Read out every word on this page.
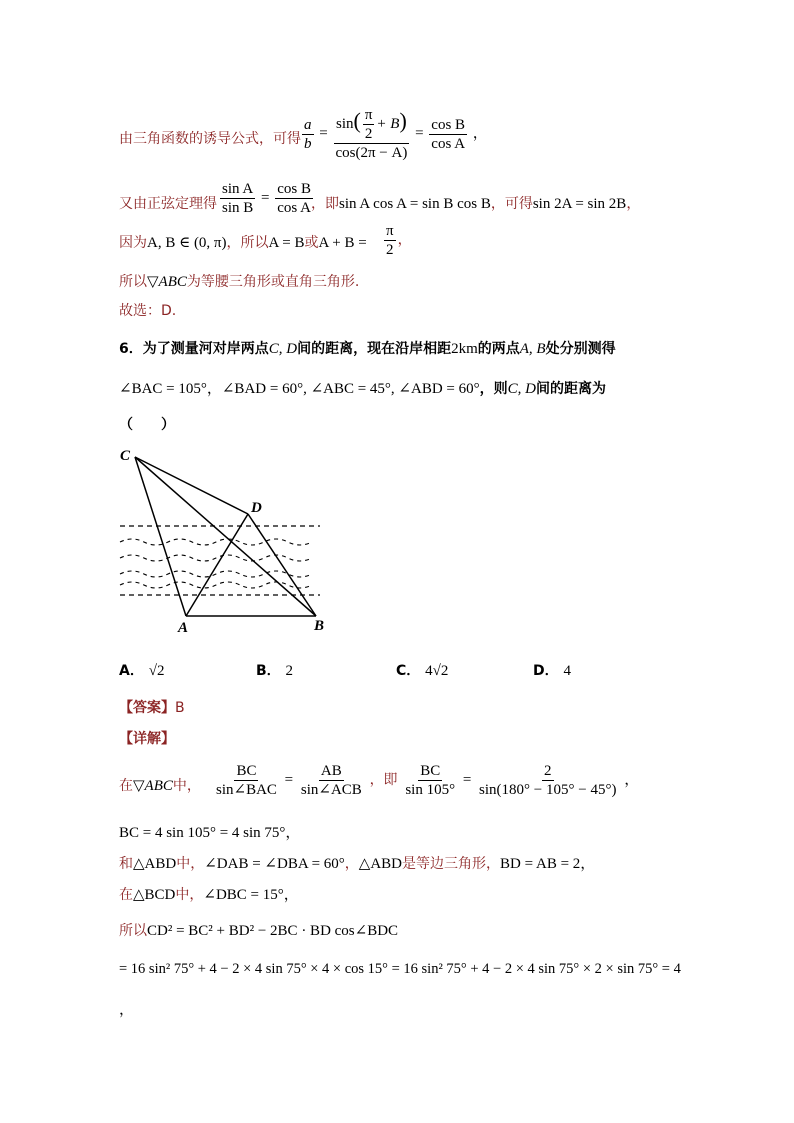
由三角函数的诱导公式，可得 $\frac{a}{b} = \frac{\sin( \frac{\pi}{2} + B)}{\cos(2\pi - A)} = \frac{\text{cos B}}{\text{cos A}}$ ，
又由正弦定理得 $\frac{\text{sin A}}{\text{sin B}} = \frac{\text{cos B}}{\text{cos A}}$
，即sin A cos A = sin B cos B，可得sin 2A = sin 2B，
因为A, B ∈ (0, π)，所以A = B或$A + B = \frac{\pi}{2}$ ，
所以▽ABC为等腰三角形或直角三角形.
故选：D.
6．为了测量河对岸两点C, D间的距离，现在沿岸相距2km的两点A, B处分别测得
∠BAC = 105°，∠BAD = 60°, ∠ABC = 45°, ∠ABD = 60°，则C, D间的距离为
（　　）
C
D
A	B
A． √2	B． 2	C． 4√2	D． 4
【答案】B
【详解】
在▽ABC中， $\frac{BC}{\text{sin∠BAC}} = \frac{AB}{\text{sin∠ACB}}$ ，即 $\frac{BC}{\sin 105^\circ} = \frac{2}{\sin(180^\circ - 105^\circ - 45^\circ)}$ ，
BC = 4 sin 105° = 4 sin 75°，
和△ABD中，∠DAB = ∠DBA = 60°，△ABD是等边三角形，BD = AB = 2，
在△BCD中，∠DBC = 15°，
所以CD² = BC² + BD² − 2BC · BD cos∠BDC
= 16 sin² 75° + 4 − 2 × 4 sin 75° × 4 × cos 15° = 16 sin² 75° + 4 − 2 × 4 sin 75° × 2 × sin 75° = 4
，
